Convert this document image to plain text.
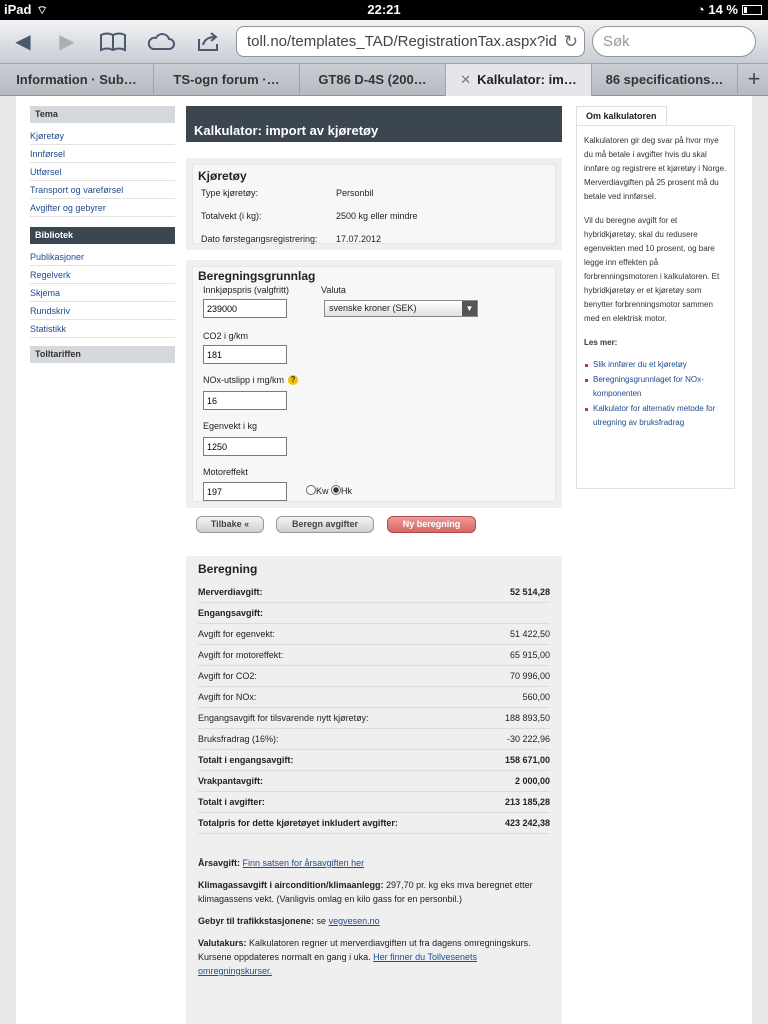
iPad ⌔	22:21	◔ 14 %
◀	▶	toll.no/templates_TAD/RegistrationTax.aspx?id ↻	Søk
Information · Sub…	TS-ogn forum ·…	GT86 D-4S (200…	✕ Kalkulator: im…	86 specifications…	+
Tema
Kjøretøy
Innførsel
Utførsel
Transport og vareførsel
Avgifter og gebyrer
Bibliotek
Publikasjoner
Regelverk
Skjema
Rundskriv
Statistikk
Tolltariffen
Kalkulator: import av kjøretøy
Kjøretøy
Type kjøretøy:	Personbil
Totalvekt (i kg):	2500 kg eller mindre
Dato førstegangsregistrering: 17.07.2012
Beregningsgrunnlag
Innkjøpspris (valgfritt)
239000	Valuta
svenske kroner (SEK)	▼
CO2 i g/km
181
NOx-utslipp i mg/km ?
16
Egenvekt i kg
1250
Motoreffekt
197
Kw Hk
Tilbake «	Beregn avgifter	Ny beregning
Beregning
Merverdiavgift:	52 514,28
Engangsavgift:
Avgift for egenvekt:	51 422,50
Avgift for motoreffekt:	65 915,00
Avgift for CO2:	70 996,00
Avgift for NOx:	560,00
Engangsavgift for tilsvarende nytt kjøretøy:	188 893,50
Bruksfradrag (16%):	-30 222,96
Totalt i engangsavgift:	158 671,00
Vrakpantavgift:	2 000,00
Totalt i avgifter:	213 185,28
Totalpris for dette kjøretøyet inkludert avgifter:	423 242,38
Årsavgift: Finn satsen for årsavgiften her
Klimagassavgift i aircondition/klimaanlegg: 297,70 pr. kg eks mva beregnet etter klimagassens vekt. (Vanligvis omlag en kilo gass for en personbil.)
Gebyr til trafikkstasjonene: se vegvesen.no
Valutakurs: Kalkulatoren regner ut merverdiavgiften ut fra dagens omregningskurs. Kursene oppdateres normalt en gang i uka. Her finner du Tollvesenets omregningskurser.
Om kalkulatoren

Kalkulatoren gir deg svar på hvor mye du må betale i avgifter hvis du skal innføre og registrere et kjøretøy i Norge. Merverdiavgiften på 25 prosent må du betale ved innførsel.

Vil du beregne avgift for et hybridkjøretøy, skal du redusere egenvekten med 10 prosent, og bare legge inn effekten på forbrenningsmotoren i kalkulatoren. Et hybridkjøretøy er et kjøretøy som benytter forbrenningsmotor sammen med en elektrisk motor.

Les mer:
Slik innfører du et kjøretøy
Beregningsgrunnlaget for NOx-komponenten
Kalkulator for alternativ metode for utregning av bruksfradrag
